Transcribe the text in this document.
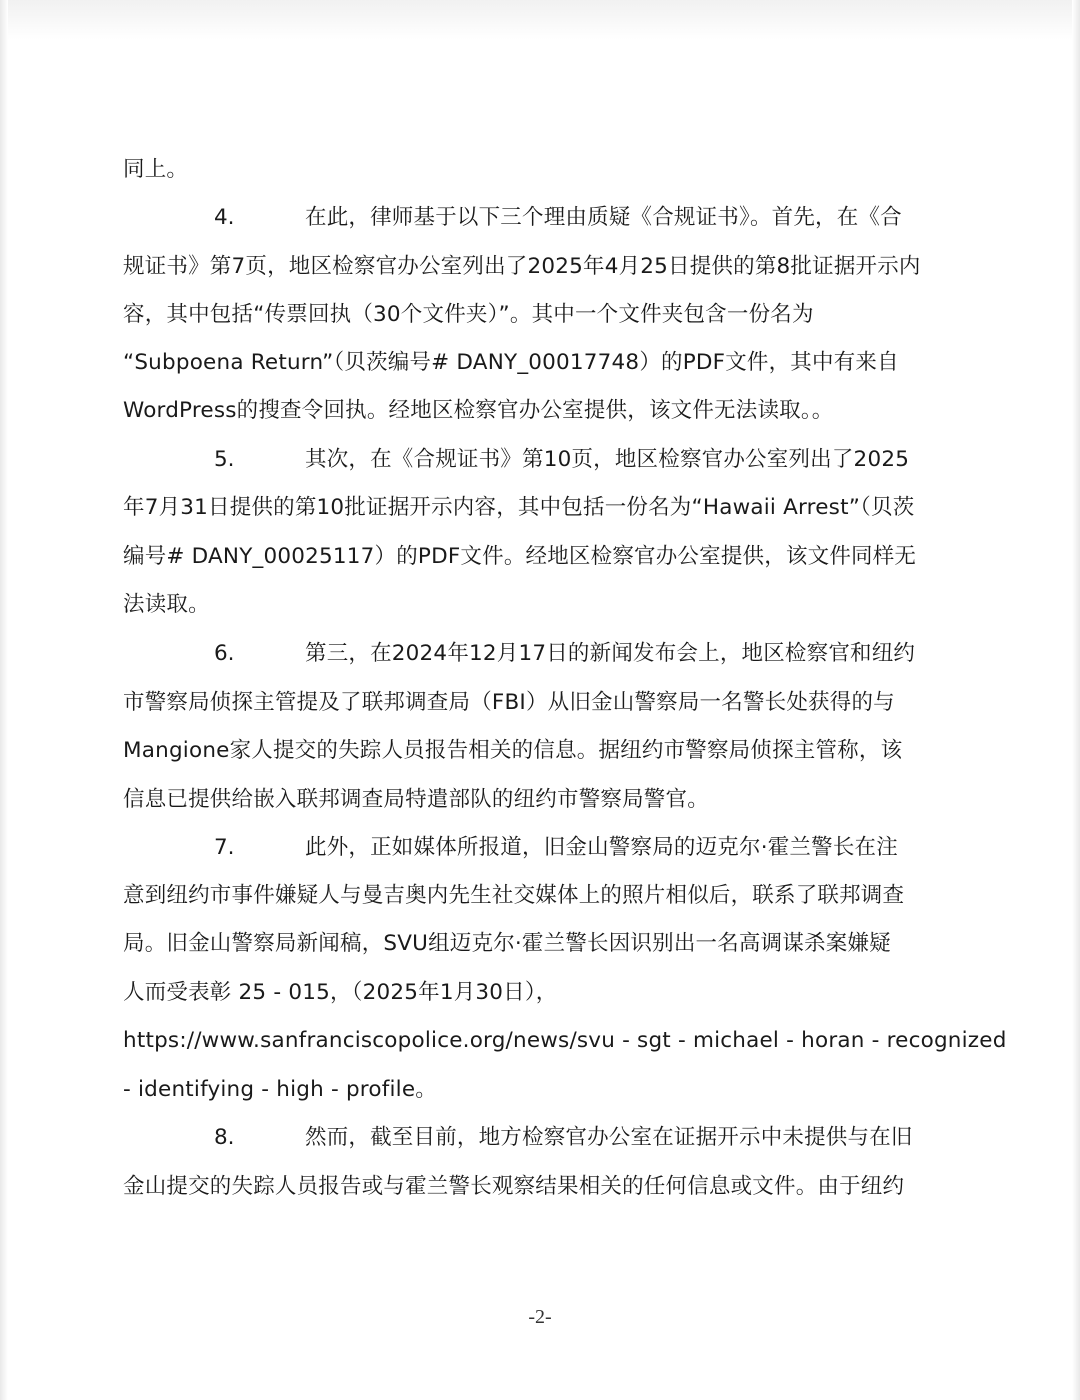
同上。
4.	在此，律师基于以下三个理由质疑《合规证书》。首先，在《合
规证书》第7页，地区检察官办公室列出了2025年4月25日提供的第8批证据开示内
容，其中包括“传票回执（30个文件夹）”。其中一个文件夹包含一份名为
“Subpoena Return”（贝茨编号# DANY_00017748）的PDF文件，其中有来自
WordPress的搜查令回执。经地区检察官办公室提供，该文件无法读取。。
5.	其次，在《合规证书》第10页，地区检察官办公室列出了2025
年7月31日提供的第10批证据开示内容，其中包括一份名为“Hawaii Arrest”（贝茨
编号# DANY_00025117）的PDF文件。经地区检察官办公室提供，该文件同样无
法读取。
6.	第三，在2024年12月17日的新闻发布会上，地区检察官和纽约
市警察局侦探主管提及了联邦调查局（FBI）从旧金山警察局一名警长处获得的与
Mangione家人提交的失踪人员报告相关的信息。据纽约市警察局侦探主管称，该
信息已提供给嵌入联邦调查局特遣部队的纽约市警察局警官。
7.	此外，正如媒体所报道，旧金山警察局的迈克尔·霍兰警长在注
意到纽约市事件嫌疑人与曼吉奥内先生社交媒体上的照片相似后，联系了联邦调查
局。旧金山警察局新闻稿，SVU组迈克尔·霍兰警长因识别出一名高调谋杀案嫌疑
人而受表彰 25 - 015，（2025年1月30日），
https://www.sanfranciscopolice.org/news/svu - sgt - michael - horan - recognized
- identifying - high - profile。
8.	然而，截至目前，地方检察官办公室在证据开示中未提供与在旧
金山提交的失踪人员报告或与霍兰警长观察结果相关的任何信息或文件。由于纽约
-2-
